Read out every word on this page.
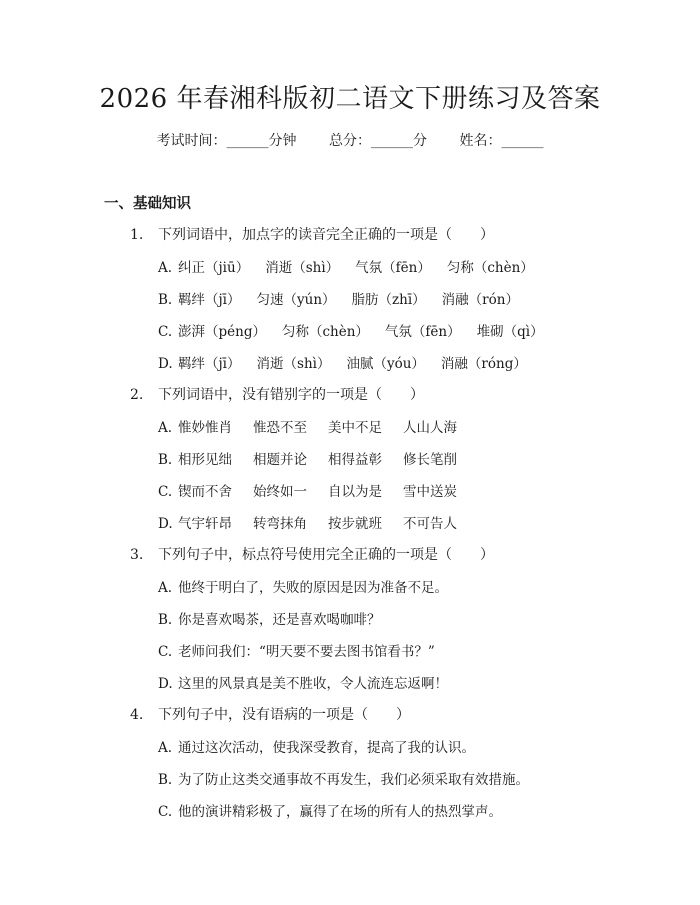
2026 年春湘科版初二语文下册练习及答案
考试时间：______分钟 总分：______分 姓名：______
一、基础知识
1. 下列词语中，加点字的读音完全正确的一项是（　　）
A. 纠正（jiū） 消逝（shì） 气氛（fēn） 匀称（chèn）
B. 羁绊（jī） 匀速（yún） 脂肪（zhī） 消融（rón）
C. 澎湃（péng） 匀称（chèn） 气氛（fēn） 堆砌（qì）
D. 羁绊（jī） 消逝（shì） 油腻（yóu） 消融（róng）
2. 下列词语中，没有错别字的一项是（　　）
A. 惟妙惟肖 惟恐不至 美中不足 人山人海
B. 相形见绌 相题并论 相得益彰 修长笔削
C. 锲而不舍 始终如一 自以为是 雪中送炭
D. 气宇轩昂 转弯抹角 按步就班 不可告人
3. 下列句子中，标点符号使用完全正确的一项是（　　）
A. 他终于明白了，失败的原因是因为准备不足。
B. 你是喜欢喝茶，还是喜欢喝咖啡？
C. 老师问我们：“明天要不要去图书馆看书？”
D. 这里的风景真是美不胜收，令人流连忘返啊！
4. 下列句子中，没有语病的一项是（　　）
A. 通过这次活动，使我深受教育，提高了我的认识。
B. 为了防止这类交通事故不再发生，我们必须采取有效措施。
C. 他的演讲精彩极了，赢得了在场的所有人的热烈掌声。
